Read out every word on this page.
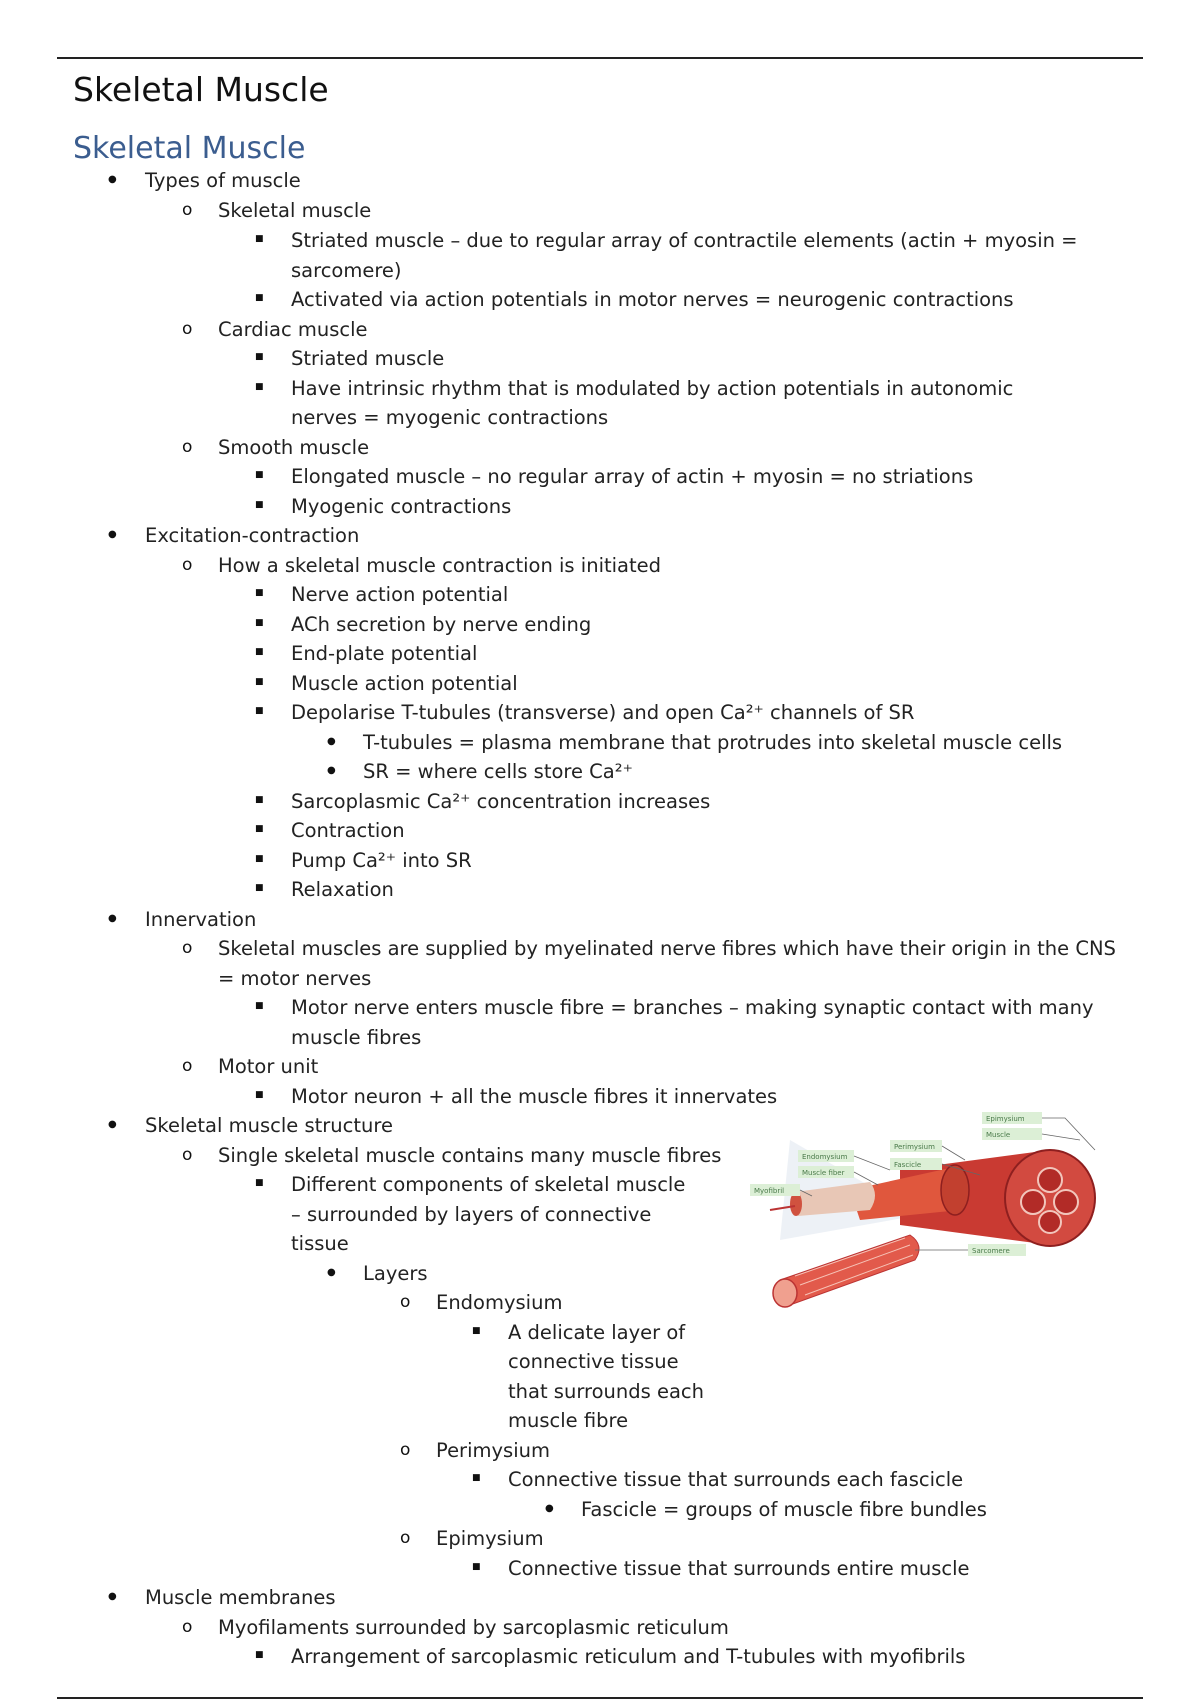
Skeletal Muscle
Skeletal Muscle
● Types of muscle
o Skeletal muscle
■ Striated muscle – due to regular array of contractile elements (actin + myosin = sarcomere)
■ Activated via action potentials in motor nerves = neurogenic contractions
o Cardiac muscle
■ Striated muscle
■ Have intrinsic rhythm that is modulated by action potentials in autonomic nerves = myogenic contractions
o Smooth muscle
■ Elongated muscle – no regular array of actin + myosin = no striations
■ Myogenic contractions
● Excitation-contraction
o How a skeletal muscle contraction is initiated
■ Nerve action potential
■ ACh secretion by nerve ending
■ End-plate potential
■ Muscle action potential
■ Depolarise T-tubules (transverse) and open Ca²⁺ channels of SR
● T-tubules = plasma membrane that protrudes into skeletal muscle cells
● SR = where cells store Ca²⁺
■ Sarcoplasmic Ca²⁺ concentration increases
■ Contraction
■ Pump Ca²⁺ into SR
■ Relaxation
● Innervation
o Skeletal muscles are supplied by myelinated nerve fibres which have their origin in the CNS = motor nerves
■ Motor nerve enters muscle fibre = branches – making synaptic contact with many muscle fibres
o Motor unit
■ Motor neuron + all the muscle fibres it innervates
● Skeletal muscle structure
o Single skeletal muscle contains many muscle fibres
■ Different components of skeletal muscle – surrounded by layers of connective tissue
● Layers
o Endomysium
■ A delicate layer of connective tissue that surrounds each muscle fibre
o Perimysium
■ Connective tissue that surrounds each fascicle
● Fascicle = groups of muscle fibre bundles
o Epimysium
■ Connective tissue that surrounds entire muscle
● Muscle membranes
o Myofilaments surrounded by sarcoplasmic reticulum
■ Arrangement of sarcoplasmic reticulum and T-tubules with myofibrils
Epimysium
Muscle
Perimysium
Fascicle
Endomysium
Muscle fiber
Myofibril
Sarcomere
